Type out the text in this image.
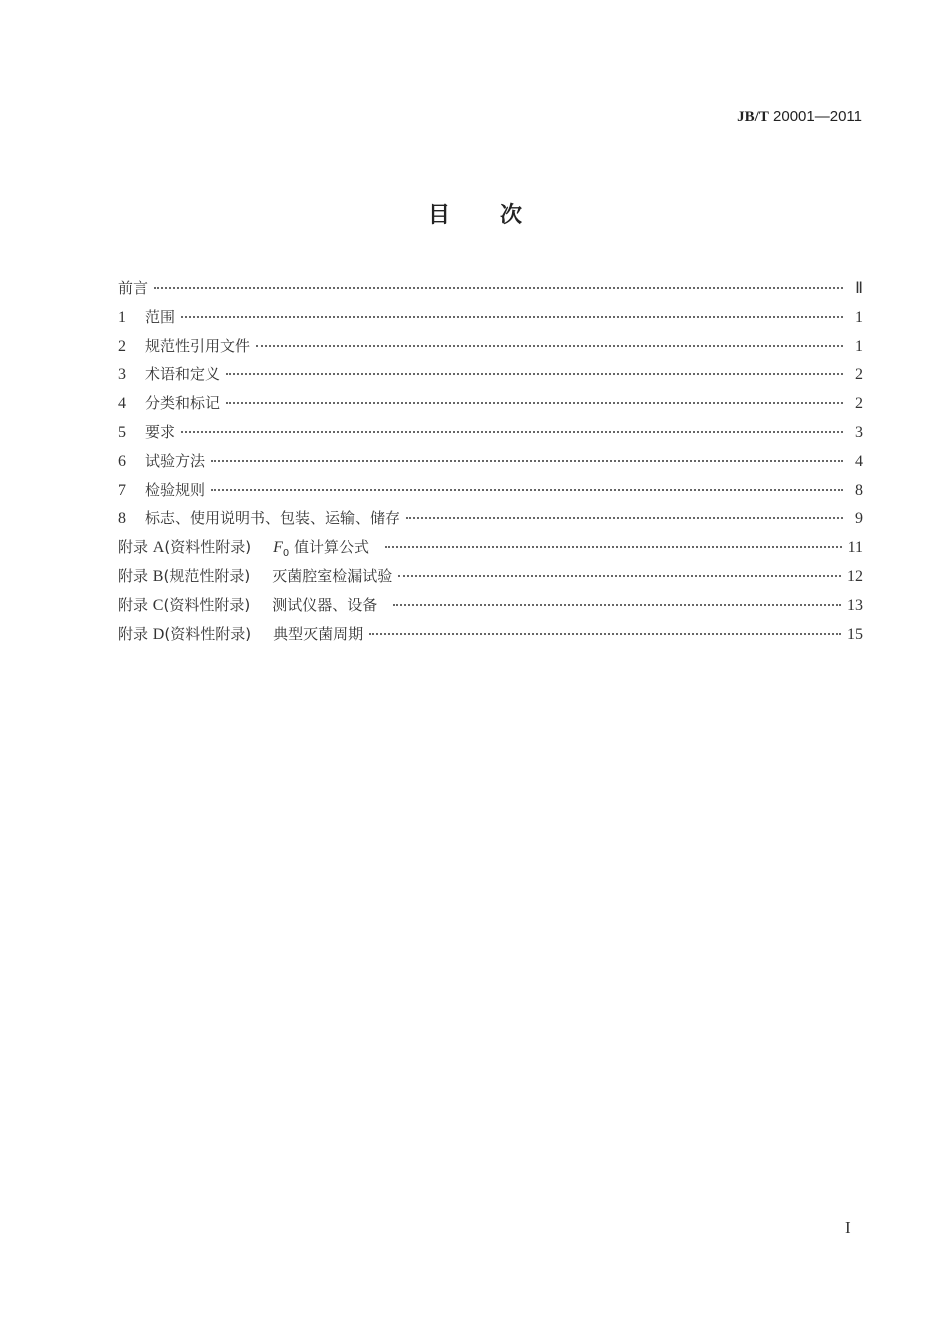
JB/T 20001—2011
目 次
前言	Ⅱ
1	范围	1
2	规范性引用文件	1
3	术语和定义	2
4	分类和标记	2
5	要求	3
6	试验方法	4
7	检验规则	8
8	标志、使用说明书、包装、运输、储存	9
附录 A(资料性附录) $F_0$ 值计算公式	11
附录 B(规范性附录) 灭菌腔室检漏试验	12
附录 C(资料性附录) 测试仪器、设备	13
附录 D(资料性附录) 典型灭菌周期	15
I
